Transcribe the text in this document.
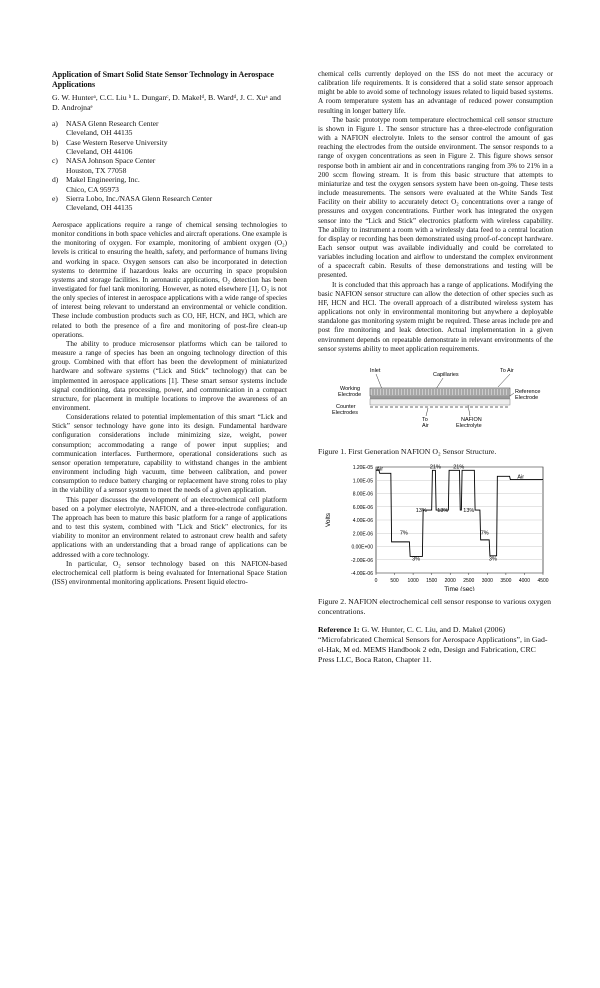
Application of Smart Solid State Sensor Technology in Aerospace Applications
G. W. Hunterᵃ, C.C. Liu ᵇ L. Dunganᶜ, D. Makelᵈ, B. Wardᵈ, J. C. Xuᵃ and D. Androjnaᵉ
a)	NASA Glenn Research Center
Cleveland, OH 44135
b)	Case Western Reserve University
Cleveland, OH 44106
c)	NASA Johnson Space Center
Houston, TX 77058
d)	Makel Engineering, Inc.
Chico, CA 95973
e)	Sierra Lobo, Inc./NASA Glenn Research Center
Cleveland, OH 44135

Aerospace applications require a range of chemical sensing technologies to monitor conditions in both space vehicles and aircraft operations. One example is the monitoring of oxygen. For example, monitoring of ambient oxygen (O₂) levels is critical to ensuring the health, safety, and performance of humans living and working in space. Oxygen sensors can also be incorporated in detection systems to determine if hazardous leaks are occurring in space propulsion systems and storage facilities. In aeronautic applications, O₂ detection has been investigated for fuel tank monitoring. However, as noted elsewhere [1], O₂ is not the only species of interest in aerospace applications with a wide range of species of interest being relevant to understand an environmental or vehicle condition. These include combustion products such as CO, HF, HCN, and HCl, which are related to both the presence of a fire and monitoring of post-fire clean-up operations.

The ability to produce microsensor platforms which can be tailored to measure a range of species has been an ongoing technology direction of this group. Combined with that effort has been the development of miniaturized hardware and software systems (“Lick and Stick” technology) that can be implemented in aerospace applications [1]. These smart sensor systems include signal conditioning, data processing, power, and communication in a compact structure, for placement in multiple locations to improve the awareness of an environment.

Considerations related to potential implementation of this smart “Lick and Stick” sensor technology have gone into its design. Fundamental hardware configuration considerations include minimizing size, weight, power consumption; accommodating a range of power input supplies; and communication interfaces. Furthermore, operational considerations such as sensor operation temperature, capability to withstand changes in the ambient environment including high vacuum, time between calibration, and power consumption to reduce battery charging or replacement have strong roles to play in the viability of a sensor system to meet the needs of a given application.

This paper discusses the development of an electrochemical cell platform based on a polymer electrolyte, NAFION, and a three-electrode configuration. The approach has been to mature this basic platform for a range of applications and to test this system, combined with "Lick and Stick" electronics, for its viability to monitor an environment related to astronaut crew health and safety applications with an understanding that a broad range of applications can be addressed with a core technology.

In particular, O₂ sensor technology based on this NAFION-based electrochemical cell platform is being evaluated for International Space Station (ISS) environmental monitoring applications. Present liquid electro-

chemical cells currently deployed on the ISS do not meet the accuracy or calibration life requirements. It is considered that a solid state sensor approach might be able to avoid some of technology issues related to liquid based systems. A room temperature system has an advantage of reduced power consumption resulting in longer battery life.

The basic prototype room temperature electrochemical cell sensor structure is shown in Figure 1. The sensor structure has a three-electrode configuration with a NAFION electrolyte. Inlets to the sensor control the amount of gas reaching the electrodes from the outside environment. The sensor responds to a range of oxygen concentrations as seen in Figure 2. This figure shows sensor response both in ambient air and in concentrations ranging from 3% to 21% in a 200 sccm flowing stream. It is from this basic structure that attempts to miniaturize and test the oxygen sensors system have been on-going. These tests include measurements. The sensors were evaluated at the White Sands Test Facility on their ability to accurately detect O₂ concentrations over a range of pressures and oxygen concentrations. Further work has integrated the oxygen sensor into the “Lick and Stick” electronics platform with wireless capability. The ability to instrument a room with a wirelessly data feed to a central location for display or recording has been demonstrated using proof-of-concept hardware. Each sensor output was available individually and could be correlated to variables including location and airflow to understand the complex environment of a spacecraft cabin. Results of these demonstrations and testing will be presented.

It is concluded that this approach has a range of applications. Modifying the basic NAFION sensor structure can allow the detection of other species such as HF, HCN and HCl. The overall approach of a distributed wireless system has applications not only in environmental monitoring but anywhere a deployable standalone gas monitoring system might be required. These areas include pre and post fire monitoring and leak detection. Actual implementation in a given environment depends on repeatable demonstrate in relevant environments of the sensor systems ability to meet application requirements.

Inlet
Capillaries
To Air
Working
Electrode
Counter
Electrodes
Reference
Electrode
To
Air
NAFION
Electrolyte
Figure 1. First Generation NAFION O₂ Sensor Structure.
-4.00E-06
-2.00E-06
0.00E+00
2.00E-06
4.00E-06
6.00E-06
8.00E-06
1.00E-05
1.20E-05
0	500 1000 1500 2000 2500 3000 3500 4000 4500
Time (sec)
Volts
Air	21% 21%
Air
13% 13%	13%
7%	7%
3%	3%
Figure 2. NAFION electrochemical cell sensor response to various oxygen concentrations.
Reference 1: G. W. Hunter, C. C. Liu, and D. Makel (2006) “Microfabricated Chemical Sensors for Aerospace Applications”, in Gad-el-Hak, M ed. MEMS Handbook 2 edn, Design and Fabrication, CRC Press LLC, Boca Raton, Chapter 11.
